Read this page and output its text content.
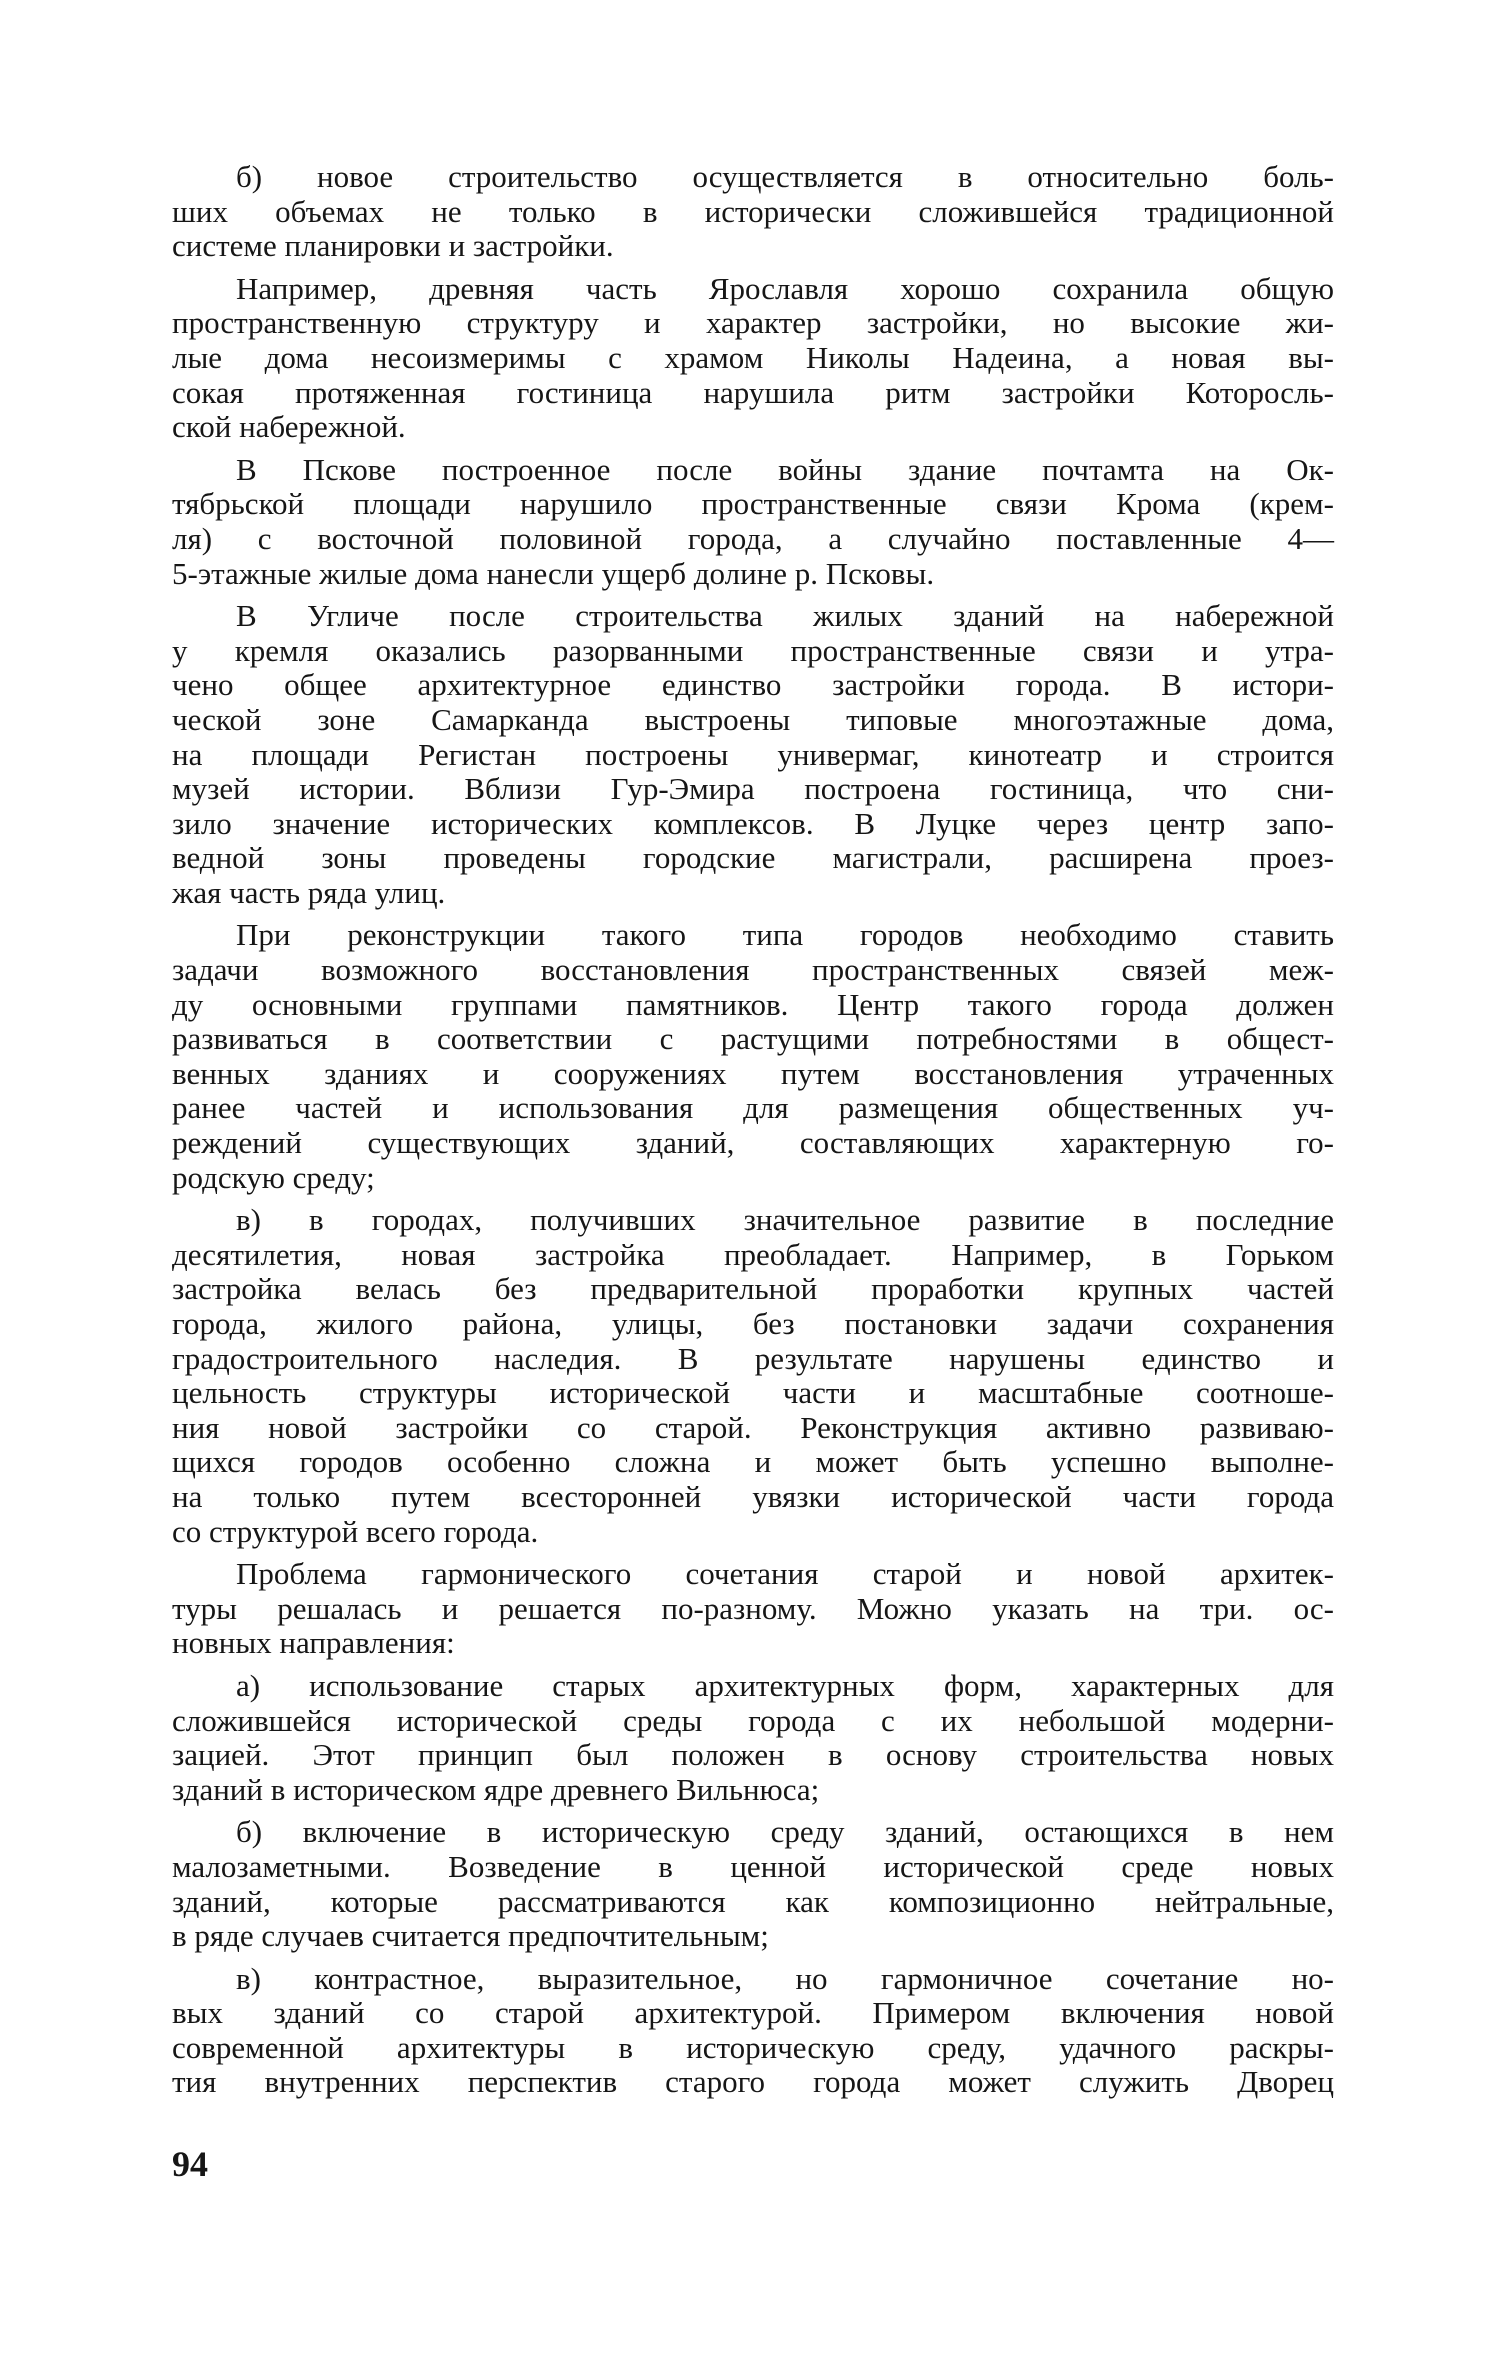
б) новое строительство осуществляется в относительно боль-
ших объемах не только в исторически сложившейся традиционной
системе планировки и застройки.
Например, древняя часть Ярославля хорошо сохранила общую
пространственную структуру и характер застройки, но высокие жи-
лые дома несоизмеримы с храмом Николы Надеина, а новая вы-
сокая протяженная гостиница нарушила ритм застройки Которосль-
ской набережной.
В Пскове построенное после войны здание почтамта на Ок-
тябрьской площади нарушило пространственные связи Крома (крем-
ля) с восточной половиной города, а случайно поставленные 4—
5-этажные жилые дома нанесли ущерб долине р. Псковы.
В Угличе после строительства жилых зданий на набережной
у кремля оказались разорванными пространственные связи и утра-
чено общее архитектурное единство застройки города. В истори-
ческой зоне Самарканда выстроены типовые многоэтажные дома,
на площади Регистан построены универмаг, кинотеатр и строится
музей истории. Вблизи Гур-Эмира построена гостиница, что сни-
зило значение исторических комплексов. В Луцке через центр запо-
ведной зоны проведены городские магистрали, расширена проез-
жая часть ряда улиц.
При реконструкции такого типа городов необходимо ставить
задачи возможного восстановления пространственных связей меж-
ду основными группами памятников. Центр такого города должен
развиваться в соответствии с растущими потребностями в общест-
венных зданиях и сооружениях путем восстановления утраченных
ранее частей и использования для размещения общественных уч-
реждений существующих зданий, составляющих характерную го-
родскую среду;
в) в городах, получивших значительное развитие в последние
десятилетия, новая застройка преобладает. Например, в Горьком
застройка велась без предварительной проработки крупных частей
города, жилого района, улицы, без постановки задачи сохранения
градостроительного наследия. В результате нарушены единство и
цельность структуры исторической части и масштабные соотноше-
ния новой застройки со старой. Реконструкция активно развиваю-
щихся городов особенно сложна и может быть успешно выполне-
на только путем всесторонней увязки исторической части города
со структурой всего города.
Проблема гармонического сочетания старой и новой архитек-
туры решалась и решается по-разному. Можно указать на три. ос-
новных направления:
а) использование старых архитектурных форм, характерных для
сложившейся исторической среды города с их небольшой модерни-
зацией. Этот принцип был положен в основу строительства новых
зданий в историческом ядре древнего Вильнюса;
б) включение в историческую среду зданий, остающихся в нем
малозаметными. Возведение в ценной исторической среде новых
зданий, которые рассматриваются как композиционно нейтральные,
в ряде случаев считается предпочтительным;
в) контрастное, выразительное, но гармоничное сочетание но-
вых зданий со старой архитектурой. Примером включения новой
современной архитектуры в историческую среду, удачного раскры-
тия внутренних перспектив старого города может служить Дворец
94
